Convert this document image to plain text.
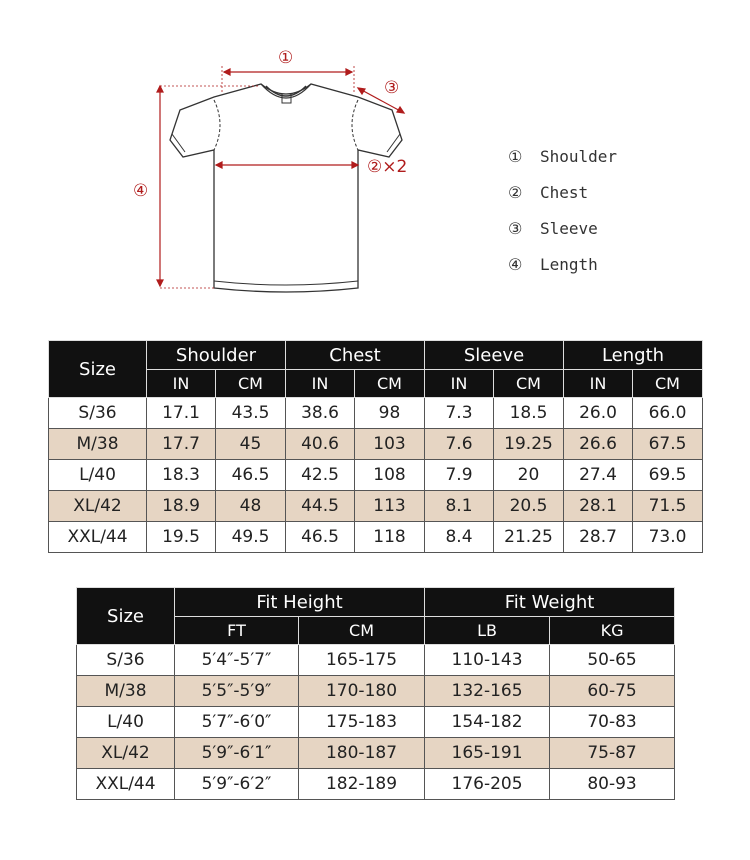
①
③
②×2
④
① Shoulder
② Chest
③ Sleeve
④ Length
Size	Shoulder		Chest		Sleeve		Length	
	IN	CM	IN	CM	IN	CM	IN	CM
S/36	17.1	43.5	38.6	98	7.3	18.5	26.0	66.0
M/38	17.7	45	40.6	103	7.6	19.25	26.6	67.5
L/40	18.3	46.5	42.5	108	7.9	20	27.4	69.5
XL/42	18.9	48	44.5	113	8.1	20.5	28.1	71.5
XXL/44	19.5	49.5	46.5	118	8.4	21.25	28.7	73.0
Size	Fit Height		Fit Weight	
	FT	CM	LB	KG
S/36	5′4″-5′7″	165-175	110-143	50-65
M/38	5′5″-5′9″	170-180	132-165	60-75
L/40	5′7″-6′0″	175-183	154-182	70-83
XL/42	5′9″-6′1″	180-187	165-191	75-87
XXL/44	5′9″-6′2″	182-189	176-205	80-93
